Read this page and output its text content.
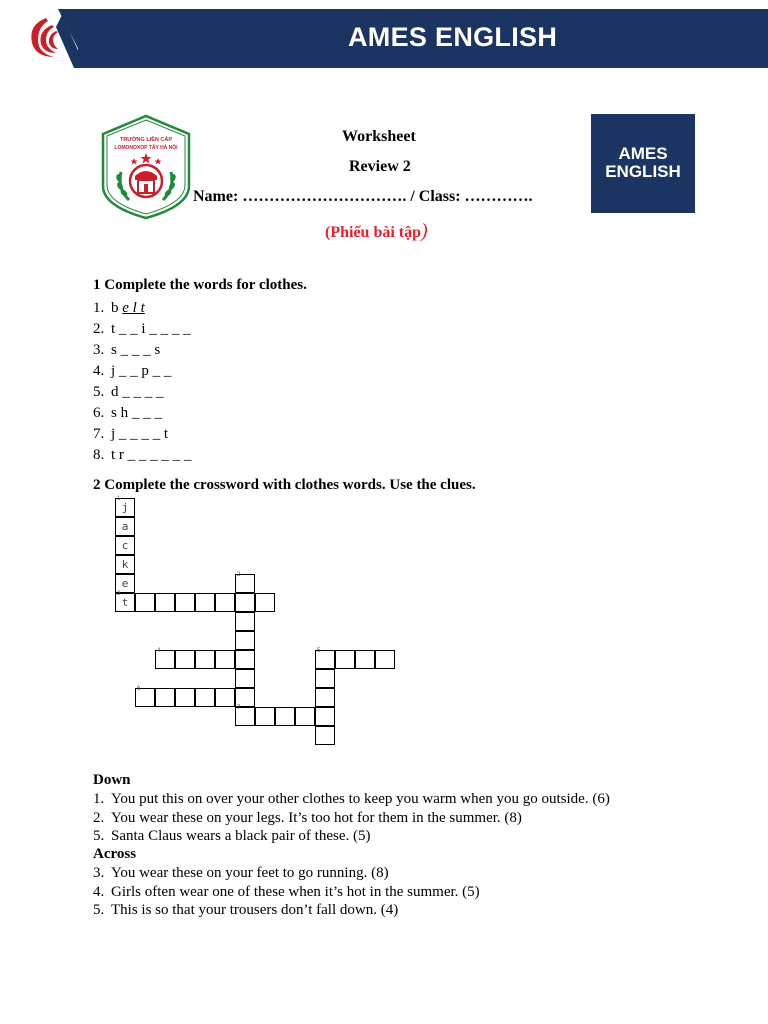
AMES ENGLISH
TRƯỜNG LIÊN CẤP
LOMONOXOP TÂY HÀ NỘI	AMES
ENGLISH
Worksheet
Review 2
Name: …………………………. / Class: ………….
(Phiếu bài tập)
1 Complete the words for clothes.
1. b e l t
2. t _ _ i _ _ _ _
3. s _ _ _ s
4. j _ _ p _ _
5. d _ _ _ _
6. s h _ _ _
7. j _ _ _ _ t
8. t r _ _ _ _ _ _
2 Complete the crossword with clothes words. Use the clues.
j
a
c
k
e
t
1
2
3
4	5
6
7
Down
1. You put this on over your other clothes to keep you warm when you go outside. (6)
2. You wear these on your legs. It’s too hot for them in the summer. (8)
5. Santa Claus wears a black pair of these. (5)
Across
3. You wear these on your feet to go running. (8)
4. Girls often wear one of these when it’s hot in the summer. (5)
5. This is so that your trousers don’t fall down. (4)
